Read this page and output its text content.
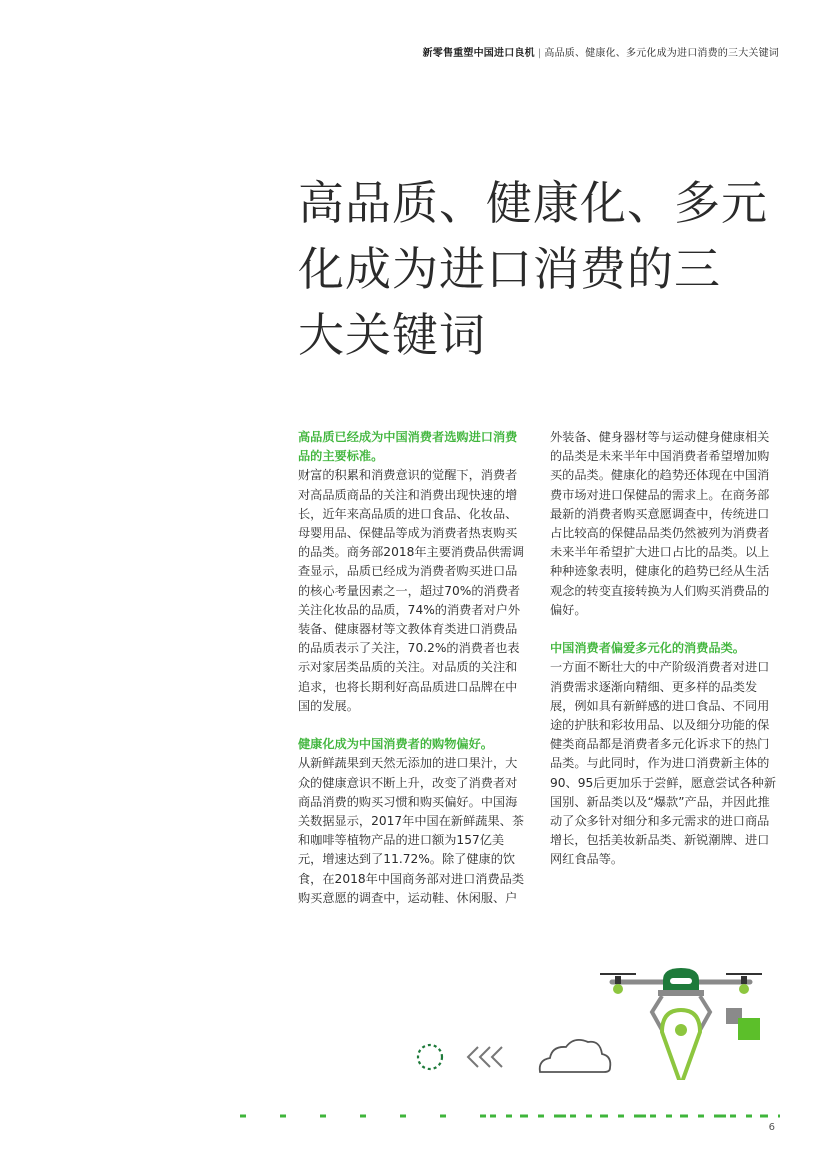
新零售重塑中国进口良机 | 高品质、健康化、多元化成为进口消费的三大关键词
高品质、健康化、多元
化成为进口消费的三
大关键词
高品质已经成为中国消费者选购进口消费品的主要标准。

财富的积累和消费意识的觉醒下，消费者对高品质商品的关注和消费出现快速的增长，近年来高品质的进口食品、化妆品、母婴用品、保健品等成为消费者热衷购买的品类。商务部2018年主要消费品供需调查显示，品质已经成为消费者购买进口品的核心考量因素之一，超过70%的消费者关注化妆品的品质，74%的消费者对户外装备、健康器材等文教体育类进口消费品的品质表示了关注，70.2%的消费者也表示对家居类品质的关注。对品质的关注和追求，也将长期利好高品质进口品牌在中国的发展。

健康化成为中国消费者的购物偏好。

从新鲜蔬果到天然无添加的进口果汁，大众的健康意识不断上升，改变了消费者对商品消费的购买习惯和购买偏好。中国海关数据显示，2017年中国在新鲜蔬果、茶和咖啡等植物产品的进口额为157亿美元，增速达到了11.72%。除了健康的饮食，在2018年中国商务部对进口消费品类购买意愿的调查中，运动鞋、休闲服、户

外装备、健身器材等与运动健身健康相关的品类是未来半年中国消费者希望增加购买的品类。健康化的趋势还体现在中国消费市场对进口保健品的需求上。在商务部最新的消费者购买意愿调查中，传统进口占比较高的保健品品类仍然被列为消费者未来半年希望扩大进口占比的品类。以上种种迹象表明，健康化的趋势已经从生活观念的转变直接转换为人们购买消费品的偏好。

中国消费者偏爱多元化的消费品类。

一方面不断壮大的中产阶级消费者对进口消费需求逐渐向精细、更多样的品类发展，例如具有新鲜感的进口食品、不同用途的护肤和彩妆用品、以及细分功能的保健类商品都是消费者多元化诉求下的热门品类。与此同时，作为进口消费新主体的90、95后更加乐于尝鲜，愿意尝试各种新国别、新品类以及“爆款”产品，并因此推动了众多针对细分和多元需求的进口商品增长，包括美妆新品类、新锐潮牌、进口网红食品等。

6
